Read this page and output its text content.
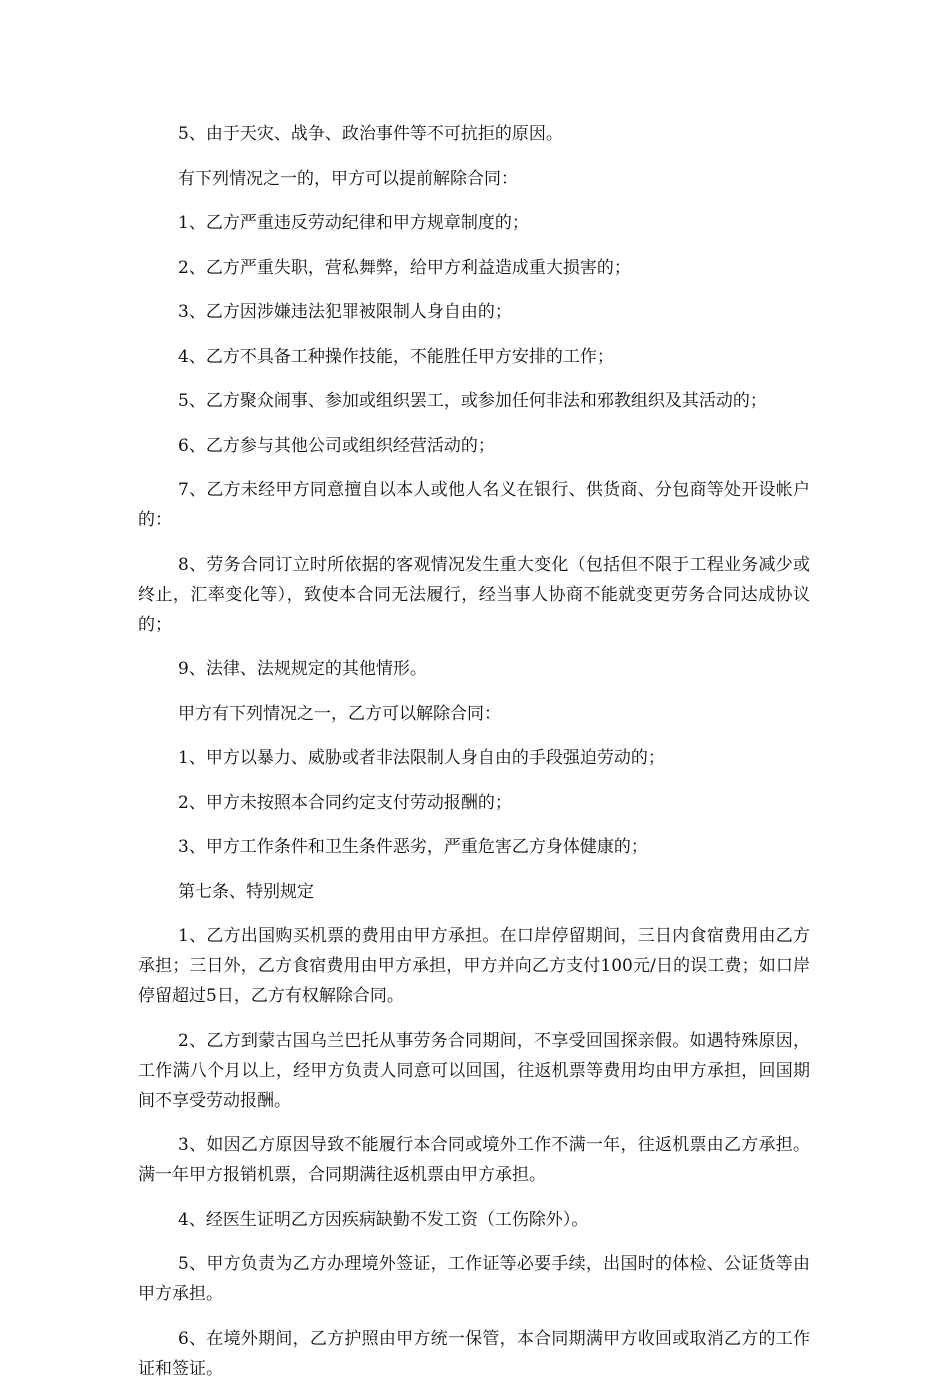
5、由于天灾、战争、政治事件等不可抗拒的原因。

有下列情况之一的，甲方可以提前解除合同：

1、乙方严重违反劳动纪律和甲方规章制度的；

2、乙方严重失职，营私舞弊，给甲方利益造成重大损害的；

3、乙方因涉嫌违法犯罪被限制人身自由的；

4、乙方不具备工种操作技能，不能胜任甲方安排的工作；

5、乙方聚众闹事、参加或组织罢工，或参加任何非法和邪教组织及其活动的；

6、乙方参与其他公司或组织经营活动的；

7、乙方未经甲方同意擅自以本人或他人名义在银行、供货商、分包商等处开设帐户的：

8、劳务合同订立时所依据的客观情况发生重大变化（包括但不限于工程业务减少或终止，汇率变化等），致使本合同无法履行，经当事人协商不能就变更劳务合同达成协议的；

9、法律、法规规定的其他情形。

甲方有下列情况之一，乙方可以解除合同：

1、甲方以暴力、威胁或者非法限制人身自由的手段强迫劳动的；

2、甲方未按照本合同约定支付劳动报酬的；

3、甲方工作条件和卫生条件恶劣，严重危害乙方身体健康的；

第七条、特别规定

1、乙方出国购买机票的费用由甲方承担。在口岸停留期间，三日内食宿费用由乙方承担；三日外，乙方食宿费用由甲方承担，甲方并向乙方支付100元/日的误工费；如口岸停留超过5日，乙方有权解除合同。

2、乙方到蒙古国乌兰巴托从事劳务合同期间，不享受回国探亲假。如遇特殊原因，工作满八个月以上，经甲方负责人同意可以回国，往返机票等费用均由甲方承担，回国期间不享受劳动报酬。

3、如因乙方原因导致不能履行本合同或境外工作不满一年，往返机票由乙方承担。满一年甲方报销机票，合同期满往返机票由甲方承担。

4、经医生证明乙方因疾病缺勤不发工资（工伤除外）。

5、甲方负责为乙方办理境外签证，工作证等必要手续，出国时的体检、公证货等由甲方承担。

6、在境外期间，乙方护照由甲方统一保管，本合同期满甲方收回或取消乙方的工作证和签证。
